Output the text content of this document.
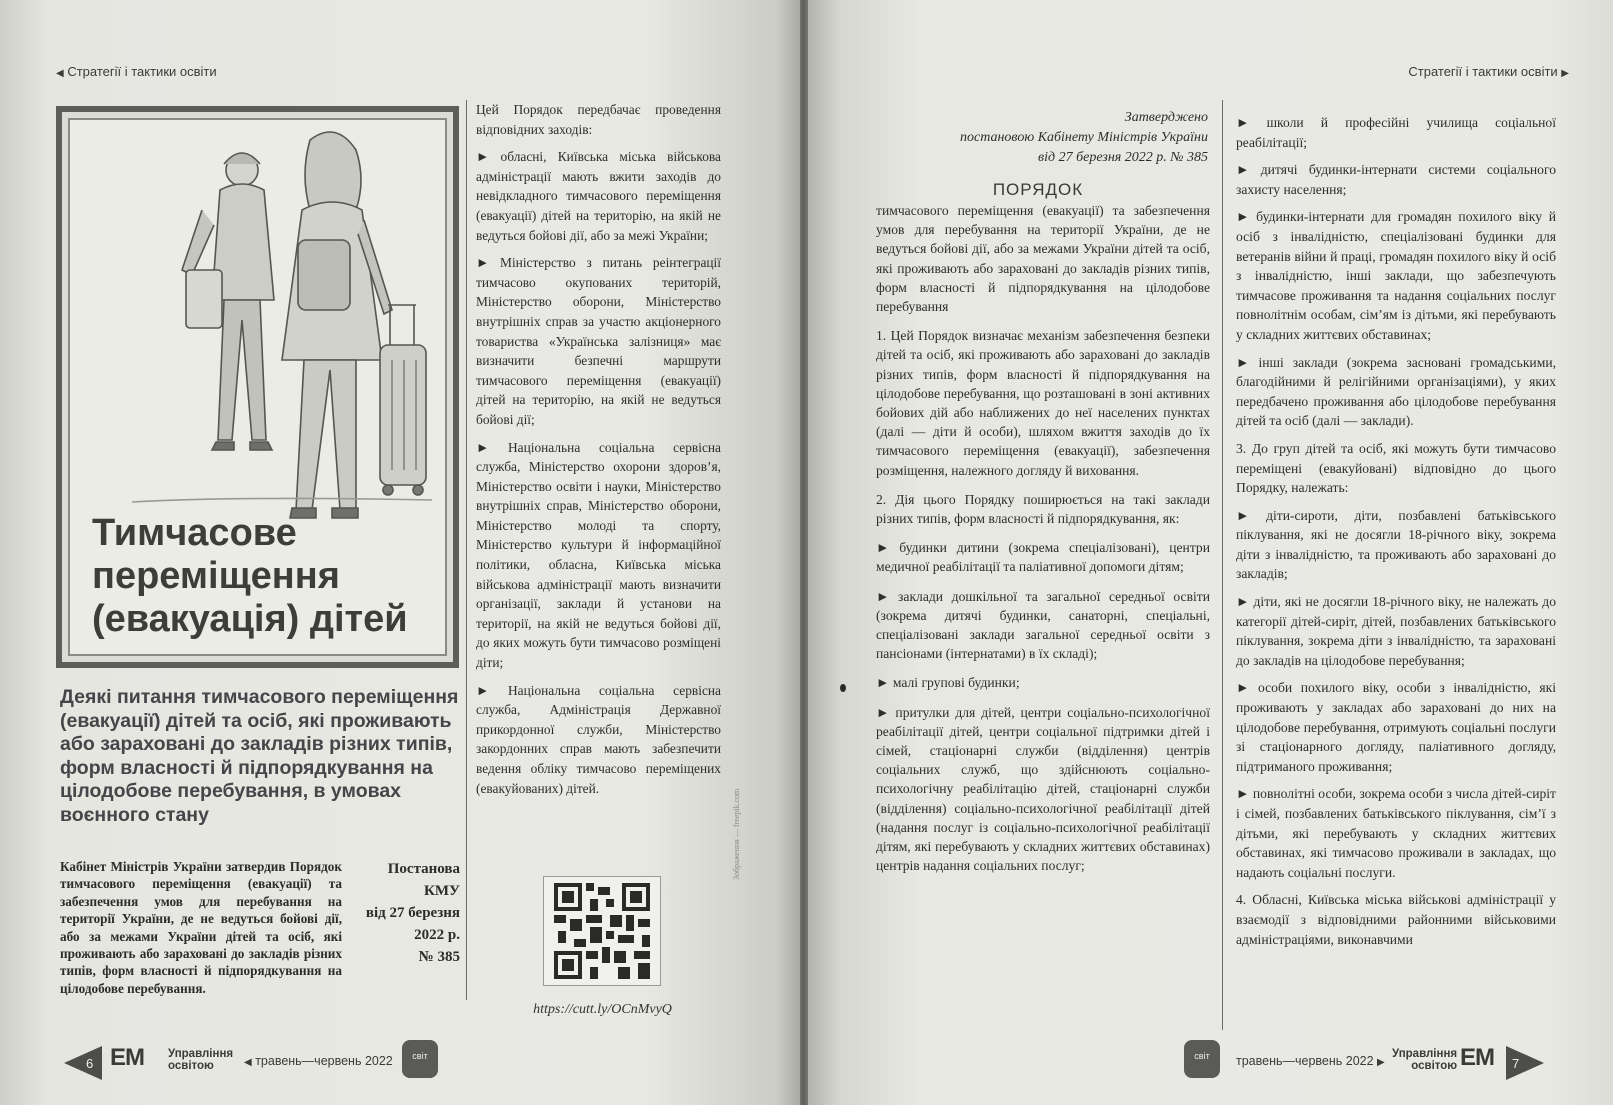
◀ Стратегії і тактики освіти
Тимчасове переміщення (евакуація) дітей
Деякі питання тимчасового переміщення (евакуації) дітей та осіб, які проживають або зараховані до закладів різних типів, форм власності й підпорядкування на цілодобове перебування, в умовах воєнного стану
Кабінет Міністрів України затвердив Порядок тимчасового переміщення (евакуації) та забезпечення умов для перебування на території України, де не ведуться бойові дії, або за межами України дітей та осіб, які проживають або зараховані до закладів різних типів, форм власності й підпорядкування на цілодобове перебування.
Постанова
КМУ
від 27 березня
2022 р.
№ 385

Цей Порядок передбачає проведення відповідних заходів:

► обласні, Київська міська військова адміністрації мають вжити заходів до невідкладного тимчасового переміщення (евакуації) дітей на територію, на якій не ведуться бойові дії, або за межі України;

► Міністерство з питань реінтеграції тимчасово окупованих територій, Міністерство оборони, Міністерство внутрішніх справ за участю акціонерного товариства «Українська залізниця» має визначити безпечні маршрути тимчасового переміщення (евакуації) дітей на територію, на якій не ведуться бойові дії;

► Національна соціальна сервісна служба, Міністерство охорони здоров’я, Міністерство освіти і науки, Міністерство внутрішніх справ, Міністерство оборони, Міністерство молоді та спорту, Міністерство культури й інформаційної політики, обласна, Київська міська військова адміністрації мають визначити організації, заклади й установи на території, на якій не ведуться бойові дії, до яких можуть бути тимчасово розміщені діти;

► Національна соціальна сервісна служба, Адміністрація Державної прикордонної служби, Міністерство закордонних справ мають забезпечити ведення обліку тимчасово переміщених (евакуйованих) дітей.

https://cutt.ly/OCnMvyQ
Зображення — freepik.com
6 ЕМ Управління
освітою	◀ травень—червень 2022	світ
Стратегії і тактики освіти ▶
Затверджено
постановою Кабінету Міністрів України
від 27 березня 2022 р. № 385
ПОРЯДОК

тимчасового переміщення (евакуації) та забезпечення умов для перебування на території України, де не ведуться бойові дії, або за межами України дітей та осіб, які проживають або зараховані до закладів різних типів, форм власності й підпорядкування на цілодобове перебування

1. Цей Порядок визначає механізм забезпечення безпеки дітей та осіб, які проживають або зараховані до закладів різних типів, форм власності й підпорядкування на цілодобове перебування, що розташовані в зоні активних бойових дій або наближених до неї населених пунктах (далі — діти й особи), шляхом вжиття заходів до їх тимчасового переміщення (евакуації), забезпечення розміщення, належного догляду й виховання.

2. Дія цього Порядку поширюється на такі заклади різних типів, форм власності й підпорядкування, як:

► будинки дитини (зокрема спеціалізовані), центри медичної реабілітації та паліативної допомоги дітям;

► заклади дошкільної та загальної середньої освіти (зокрема дитячі будинки, санаторні, спеціальні, спеціалізовані заклади загальної середньої освіти з пансіонами (інтернатами) в їх складі);

► малі групові будинки;

► притулки для дітей, центри соціально-психологічної реабілітації дітей, центри соціальної підтримки дітей і сімей, стаціонарні служби (відділення) центрів соціальних служб, що здійснюють соціально-психологічну реабілітацію дітей, стаціонарні служби (відділення) соціально-психологічної реабілітації дітей (надання послуг із соціально-психологічної реабілітації дітям, які перебувають у складних життєвих обставинах) центрів надання соціальних послуг;

► школи й професійні училища соціальної реабілітації;

► дитячі будинки-інтернати системи соціального захисту населення;

► будинки-інтернати для громадян похилого віку й осіб з інвалідністю, спеціалізовані будинки для ветеранів війни й праці, громадян похилого віку й осіб з інвалідністю, інші заклади, що забезпечують тимчасове проживання та надання соціальних послуг повнолітнім особам, сім’ям із дітьми, які перебувають у складних життєвих обставинах;

► інші заклади (зокрема засновані громадськими, благодійними й релігійними організаціями), у яких передбачено проживання або цілодобове перебування дітей та осіб (далі — заклади).

3. До груп дітей та осіб, які можуть бути тимчасово переміщені (евакуйовані) відповідно до цього Порядку, належать:

► діти-сироти, діти, позбавлені батьківського піклування, які не досягли 18-річного віку, зокрема діти з інвалідністю, та проживають або зараховані до закладів;

► діти, які не досягли 18-річного віку, не належать до категорії дітей-сиріт, дітей, позбавлених батьківського піклування, зокрема діти з інвалідністю, та зараховані до закладів на цілодобове перебування;

► особи похилого віку, особи з інвалідністю, які проживають у закладах або зараховані до них на цілодобове перебування, отримують соціальні послуги зі стаціонарного догляду, паліативного догляду, підтриманого проживання;

► повнолітні особи, зокрема особи з числа дітей-сиріт і сімей, позбавлених батьківського піклування, сім’ї з дітьми, які перебувають у складних життєвих обставинах, які тимчасово проживали в закладах, що надають соціальні послуги.

4. Обласні, Київська міська військові адміністрації у взаємодії з відповідними районними військовими адміністраціями, виконавчими

світ	травень—червень 2022 ▶
Управління
освітою ЕМ 7
